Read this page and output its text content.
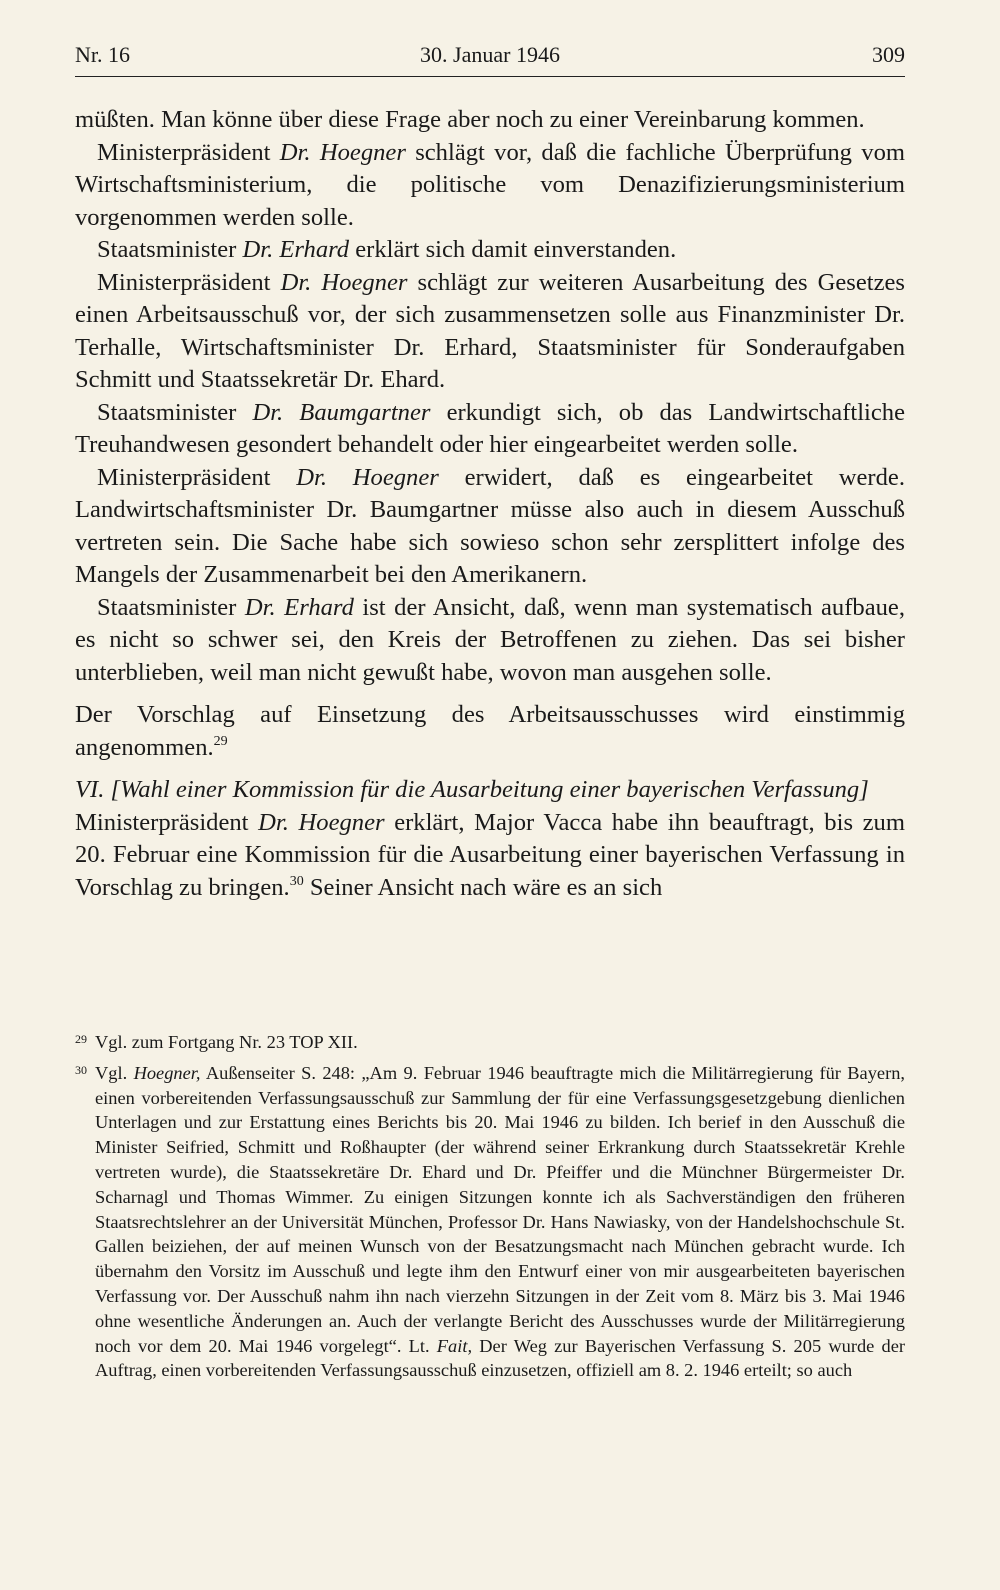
Nr. 16	30. Januar 1946	309

müßten. Man könne über diese Frage aber noch zu einer Vereinbarung kommen.

Ministerpräsident Dr. Hoegner schlägt vor, daß die fachliche Überprüfung vom Wirtschaftsministerium, die politische vom Denazifizierungsministerium vorgenommen werden solle.

Staatsminister Dr. Erhard erklärt sich damit einverstanden.

Ministerpräsident Dr. Hoegner schlägt zur weiteren Ausarbeitung des Gesetzes einen Arbeitsausschuß vor, der sich zusammensetzen solle aus Finanzminister Dr. Terhalle, Wirtschaftsminister Dr. Erhard, Staatsminister für Sonderaufgaben Schmitt und Staatssekretär Dr. Ehard.

Staatsminister Dr. Baumgartner erkundigt sich, ob das Landwirtschaftliche Treuhandwesen gesondert behandelt oder hier eingearbeitet werden solle.

Ministerpräsident Dr. Hoegner erwidert, daß es eingearbeitet werde. Landwirtschaftsminister Dr. Baumgartner müsse also auch in diesem Ausschuß vertreten sein. Die Sache habe sich sowieso schon sehr zersplittert infolge des Mangels der Zusammenarbeit bei den Amerikanern.

Staatsminister Dr. Erhard ist der Ansicht, daß, wenn man systematisch aufbaue, es nicht so schwer sei, den Kreis der Betroffenen zu ziehen. Das sei bisher unterblieben, weil man nicht gewußt habe, wovon man ausgehen solle.

Der Vorschlag auf Einsetzung des Arbeitsausschusses wird einstimmig angenommen.$^{29}$

VI. [Wahl einer Kommission für die Ausarbeitung einer bayerischen Verfassung]

Ministerpräsident Dr. Hoegner erklärt, Major Vacca habe ihn beauftragt, bis zum 20. Februar eine Kommission für die Ausarbeitung einer bayerischen Verfassung in Vorschlag zu bringen.$^{30}$ Seiner Ansicht nach wäre es an sich

29 Vgl. zum Fortgang Nr. 23 TOP XII.

30 Vgl. Hoegner, Außenseiter S. 248: „Am 9. Februar 1946 beauftragte mich die Militärregierung für Bayern, einen vorbereitenden Verfassungsausschuß zur Sammlung der für eine Verfassungsgesetzgebung dienlichen Unterlagen und zur Erstattung eines Berichts bis 20. Mai 1946 zu bilden. Ich berief in den Ausschuß die Minister Seifried, Schmitt und Roßhaupter (der während seiner Erkrankung durch Staatssekretär Krehle vertreten wurde), die Staatssekretäre Dr. Ehard und Dr. Pfeiffer und die Münchner Bürgermeister Dr. Scharnagl und Thomas Wimmer. Zu einigen Sitzungen konnte ich als Sachverständigen den früheren Staatsrechtslehrer an der Universität München, Professor Dr. Hans Nawiasky, von der Handelshochschule St. Gallen beiziehen, der auf meinen Wunsch von der Besatzungsmacht nach München gebracht wurde. Ich übernahm den Vorsitz im Ausschuß und legte ihm den Entwurf einer von mir ausgearbeiteten bayerischen Verfassung vor. Der Ausschuß nahm ihn nach vierzehn Sitzungen in der Zeit vom 8. März bis 3. Mai 1946 ohne wesentliche Änderungen an. Auch der verlangte Bericht des Ausschusses wurde der Militärregierung noch vor dem 20. Mai 1946 vorgelegt“. Lt. Fait, Der Weg zur Bayerischen Verfassung S. 205 wurde der Auftrag, einen vorbereitenden Verfassungsausschuß einzusetzen, offiziell am 8. 2. 1946 erteilt; so auch
